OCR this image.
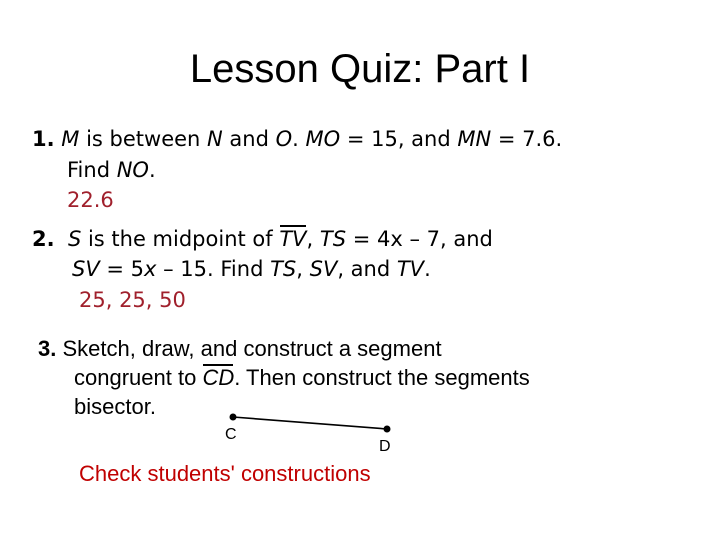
Lesson Quiz: Part I
1. M is between N and O. MO = 15, and MN = 7.6.
Find NO.
22.6
2. S is the midpoint of TV, TS = 4x – 7, and
SV = 5x – 15. Find TS, SV, and TV.
25, 25, 50
3. Sketch, draw, and construct a segment
congruent to CD. Then construct the segments
bisector.
C
D
Check students' constructions
